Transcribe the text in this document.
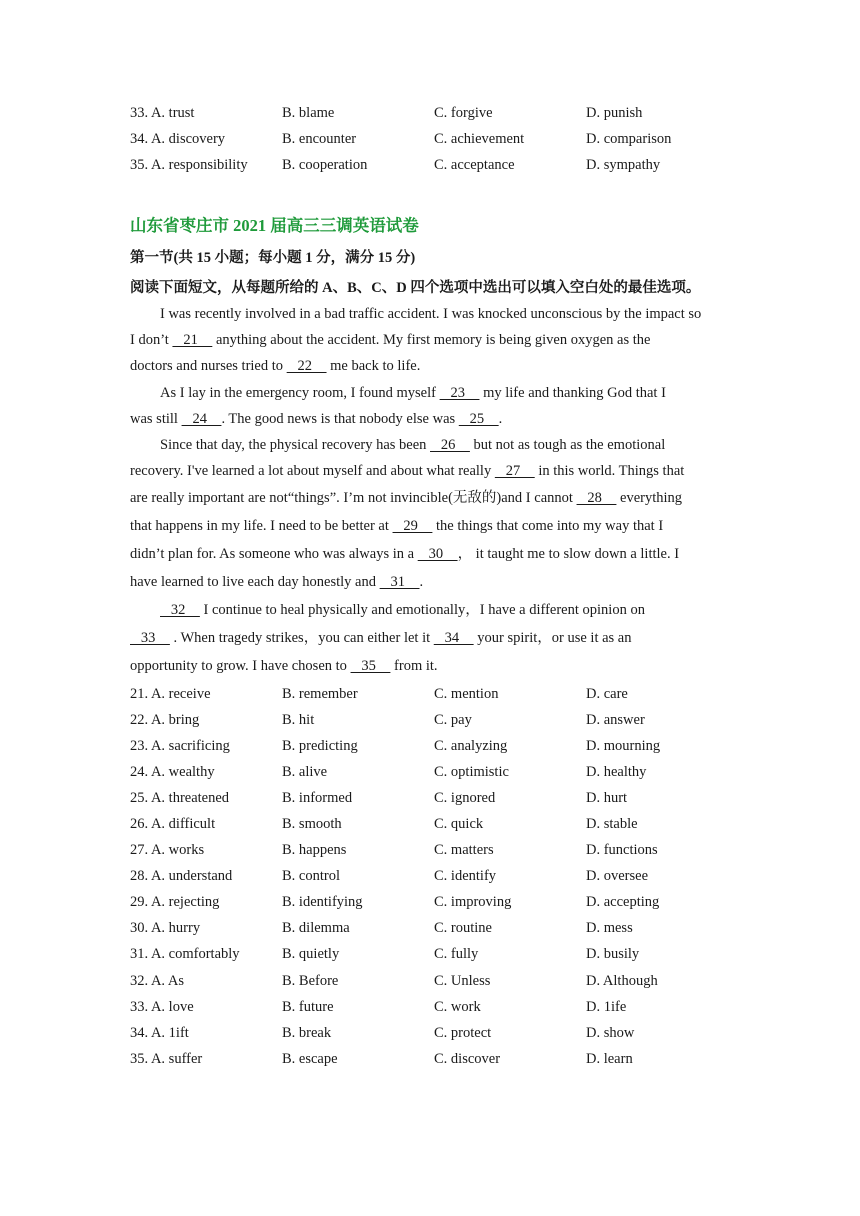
33. A. trust	B. blame	C. forgive	D. punish
34. A. discovery	B. encounter	C. achievement	D. comparison
35. A. responsibility	B. cooperation	C. acceptance	D. sympathy
山东省枣庄市 2021 届高三三调英语试卷
第一节(共 15 小题；每小题 1 分，满分 15 分)
阅读下面短文，从每题所给的 A、B、C、D 四个选项中选出可以填入空白处的最佳选项。
I was recently involved in a bad traffic accident. I was knocked unconscious by the impact so
I don’t    21     anything about the accident. My first memory is being given oxygen as the
doctors and nurses tried to    22     me back to life.
As I lay in the emergency room, I found myself    23     my life and thanking God that I
was still    24    . The good news is that nobody else was    25    .
Since that day, the physical recovery has been    26     but not as tough as the emotional
recovery. I've learned a lot about myself and about what really    27     in this world. Things that
are really important are not“things”. I’m not invincible(无敌的)and I cannot    28     everything
that happens in my life. I need to be better at    29     the things that come into my way that I
didn’t plan for. As someone who was always in a    30    ， it taught me to slow down a little. I
have learned to live each day honestly and    31    .
32     I continue to heal physically and emotionally，I have a different opinion on
33     . When tragedy strikes，you can either let it    34     your spirit，or use it as an
opportunity to grow. I have chosen to    35     from it.
21. A. receive	B. remember	C. mention	D. care
22. A. bring	B. hit	C. pay	D. answer
23. A. sacrificing	B. predicting	C. analyzing	D. mourning
24. A. wealthy	B. alive	C. optimistic	D. healthy
25. A. threatened	B. informed	C. ignored	D. hurt
26. A. difficult	B. smooth	C. quick	D. stable
27. A. works	B. happens	C. matters	D. functions
28. A. understand	B. control	C. identify	D. oversee
29. A. rejecting	B. identifying	C. improving	D. accepting
30. A. hurry	B. dilemma	C. routine	D. mess
31. A. comfortably	B. quietly	C. fully	D. busily
32. A. As	B. Before	C. Unless	D. Although
33. A. love	B. future	C. work	D. 1ife
34. A. 1ift	B. break	C. protect	D. show
35. A. suffer	B. escape	C. discover	D. learn
